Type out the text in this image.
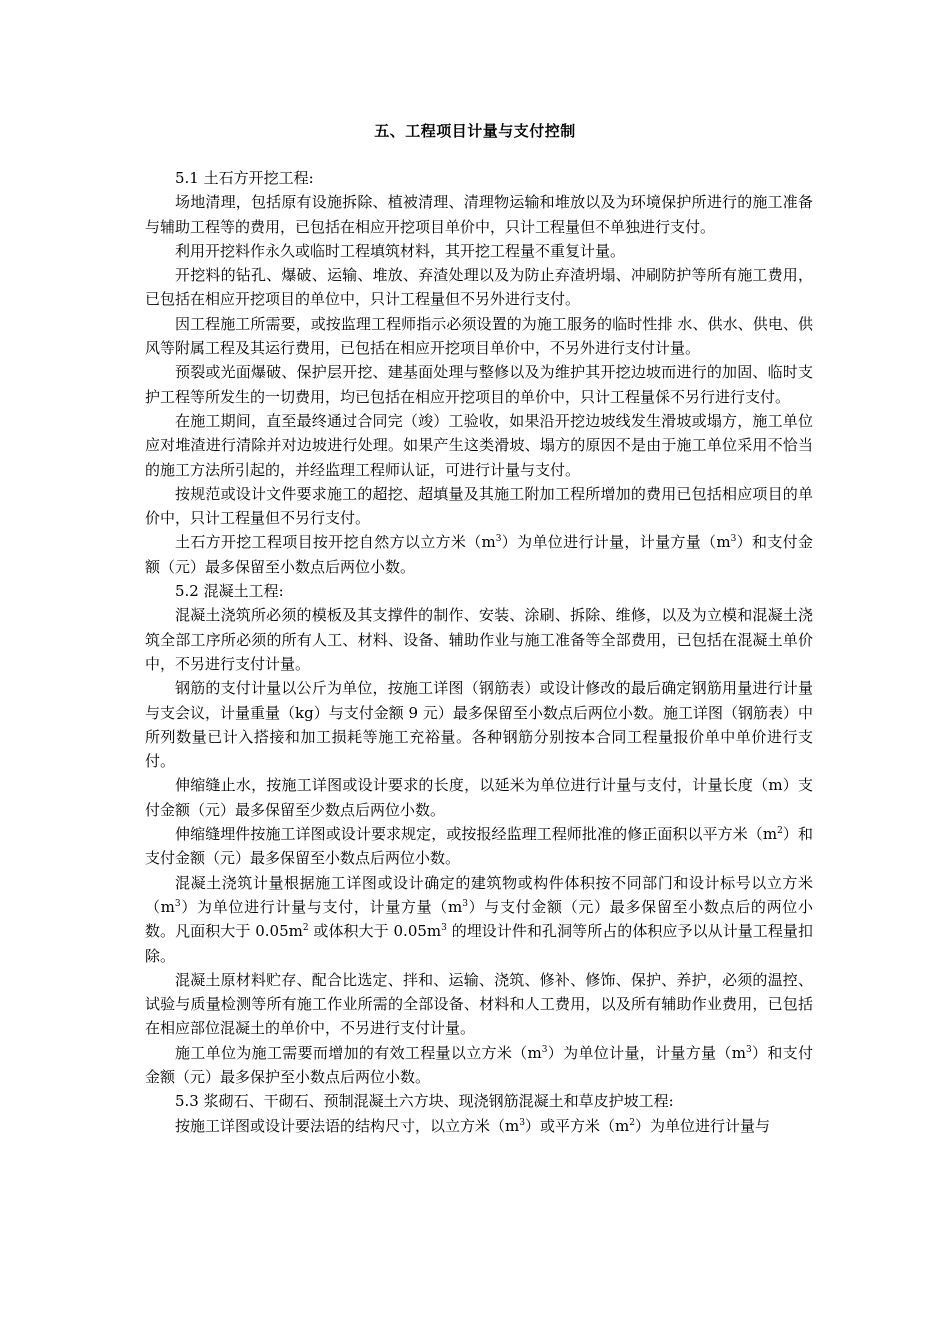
五、工程项目计量与支付控制

5.1 土石方开挖工程:

场地清理，包括原有设施拆除、植被清理、清理物运输和堆放以及为环境保护所进行的施工准备与辅助工程等的费用，已包括在相应开挖项目单价中，只计工程量但不单独进行支付。

利用开挖料作永久或临时工程填筑材料，其开挖工程量不重复计量。

开挖料的钻孔、爆破、运输、堆放、弃渣处理以及为防止弃渣坍塌、冲刷防护等所有施工费用，已包括在相应开挖项目的单位中，只计工程量但不另外进行支付。

因工程施工所需要，或按监理工程师指示必须设置的为施工服务的临时性排 水、供水、供电、供风等附属工程及其运行费用，已包括在相应开挖项目单价中，不另外进行支付计量。

预裂或光面爆破、保护层开挖、建基面处理与整修以及为维护其开挖边坡而进行的加固、临时支护工程等所发生的一切费用，均已包括在相应开挖项目的单价中，只计工程量倸不另行进行支付。

在施工期间，直至最终通过合同完（竣）工验收，如果沿开挖边坡线发生滑坡或塌方，施工单位应对堆渣进行清除并对边坡进行处理。如果产生这类滑坡、塌方的原因不是由于施工单位采用不恰当的施工方法所引起的，并经监理工程师认证，可进行计量与支付。

按规范或设计文件要求施工的超挖、超填量及其施工附加工程所增加的费用已包括相应项目的单价中，只计工程量但不另行支付。

土石方开挖工程项目按开挖自然方以立方米$(m^3)$为单位进行计量，计量方量$(m^3)$和支付金额（元）最多保留至小数点后两位小数。

5.2 混凝土工程:

混凝土浇筑所必须的模板及其支撑件的制作、安装、涂刷、拆除、维修，以及为立模和混凝土浇筑全部工序所必须的所有人工、材料、设备、辅助作业与施工准备等全部费用，已包括在混凝土单价中，不另进行支付计量。

钢筋的支付计量以公斤为单位，按施工详图（钢筋表）或设计修改的最后确定钢筋用量进行计量与支会议，计量重量（kg）与支付金额 9 元）最多保留至小数点后两位小数。施工详图（钢筋表）中所列数量已计入搭接和加工损耗等施工充裕量。各种钢筋分别按本合同工程量报价单中单价进行支付。

伸缩缝止水，按施工详图或设计要求的长度，以延米为单位进行计量与支付，计量长度（m）支付金额（元）最多保留至少数点后两位小数。

伸缩缝埋件按施工详图或设计要求规定，或按报经监理工程师批准的修正面积以平方米$(m^2)$和支付金额（元）最多保留至小数点后两位小数。

混凝土浇筑计量根据施工详图或设计确定的建筑物或构件体积按不同部门和设计标号以立方米$(m^3)$为单位进行计量与支付，计量方量$(m^3)$与支付金额（元）最多保留至小数点后的两位小数。凡面积大于 $0.05m^2$ 或体积大于 $0.05m^3$ 的埋设计件和孔洞等所占的体积应予以从计量工程量扣除。

混凝土原材料贮存、配合比选定、拌和、运输、浇筑、修补、修饰、保护、养护，必须的温控、试验与质量检测等所有施工作业所需的全部设备、材料和人工费用，以及所有辅助作业费用，已包括在相应部位混凝土的单价中，不另进行支付计量。

施工单位为施工需要而增加的有效工程量以立方米$(m^3)$为单位计量，计量方量$(m^3)$和支付金额（元）最多保护至小数点后两位小数。

5.3 浆砌石、干砌石、预制混凝土六方块、现浇钢筋混凝土和草皮护坡工程:

按施工详图或设计要法语的结构尺寸，以立方米$(m^3)$或平方米$(m^2)$为单位进行计量与
